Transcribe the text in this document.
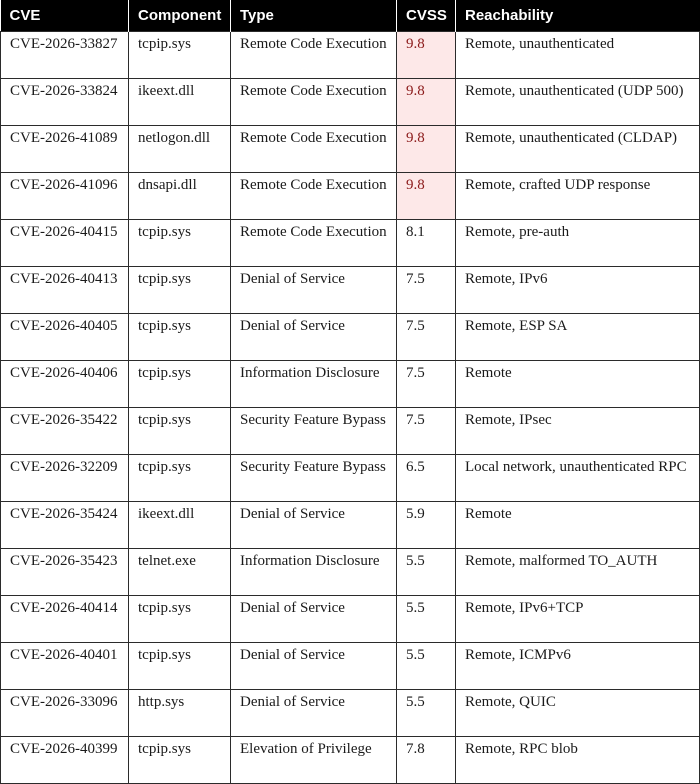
CVE	Component	Type	CVSS	Reachability
CVE-2026-33827	tcpip.sys	Remote Code Execution	9.8	Remote, unauthenticated
CVE-2026-33824	ikeext.dll	Remote Code Execution	9.8	Remote, unauthenticated (UDP 500)
CVE-2026-41089	netlogon.dll	Remote Code Execution	9.8	Remote, unauthenticated (CLDAP)
CVE-2026-41096	dnsapi.dll	Remote Code Execution	9.8	Remote, crafted UDP response
CVE-2026-40415	tcpip.sys	Remote Code Execution	8.1	Remote, pre-auth
CVE-2026-40413	tcpip.sys	Denial of Service	7.5	Remote, IPv6
CVE-2026-40405	tcpip.sys	Denial of Service	7.5	Remote, ESP SA
CVE-2026-40406	tcpip.sys	Information Disclosure	7.5	Remote
CVE-2026-35422	tcpip.sys	Security Feature Bypass	7.5	Remote, IPsec
CVE-2026-32209	tcpip.sys	Security Feature Bypass	6.5	Local network, unauthenticated RPC
CVE-2026-35424	ikeext.dll	Denial of Service	5.9	Remote
CVE-2026-35423	telnet.exe	Information Disclosure	5.5	Remote, malformed TO_AUTH
CVE-2026-40414	tcpip.sys	Denial of Service	5.5	Remote, IPv6+TCP
CVE-2026-40401	tcpip.sys	Denial of Service	5.5	Remote, ICMPv6
CVE-2026-33096	http.sys	Denial of Service	5.5	Remote, QUIC
CVE-2026-40399	tcpip.sys	Elevation of Privilege	7.8	Remote, RPC blob
